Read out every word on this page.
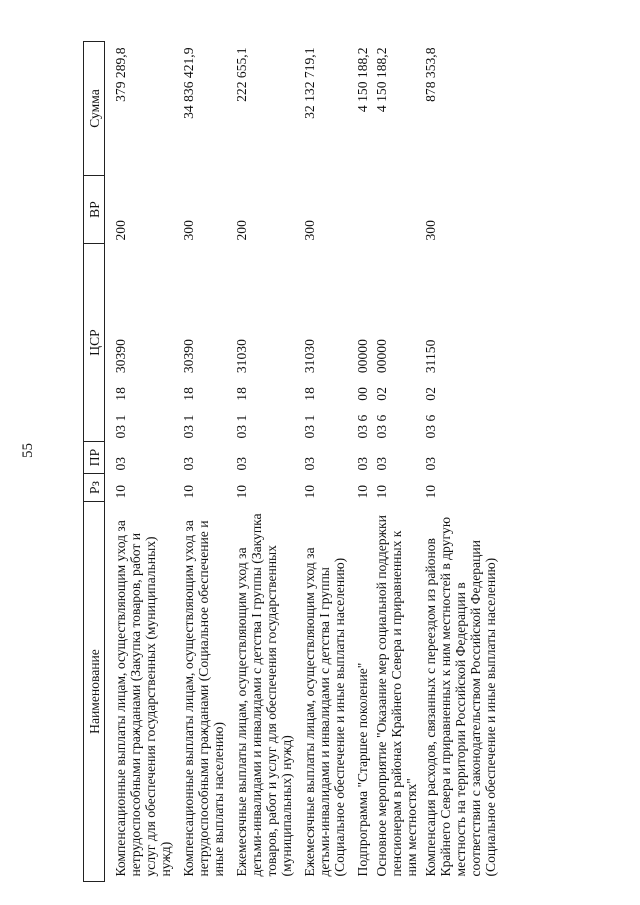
55
Наименование	Рз	ПР	ЦСР	ВР	Сумма
Компенсационные выплаты лицам, осуществляющим уход за нетрудоспособными гражданами (Закупка товаров, работ и услуг для обеспечения государственных (муниципальных) нужд)	10	03	03 11830390	200	379 289,8
Компенсационные выплаты лицам, осуществляющим уход за нетрудоспособными гражданами (Социальное обеспечение и иные выплаты населению)	10	03	03 11830390	300	34 836 421,9
Ежемесячные выплаты лицам, осуществляющим уход за детьми-инвалидами и инвалидами с детства I группы (Закупка товаров, работ и услуг для обеспечения государственных (муниципальных) нужд)	10	03	03 11831030	200	222 655,1
Ежемесячные выплаты лицам, осуществляющим уход за детьми-инвалидами и инвалидами с детства I группы (Социальное обеспечение и иные выплаты населению)	10	03	03 11831030	300	32 132 719,1
Подпрограмма "Старшее поколение"	10	03	03 60000000		4 150 188,2
Основное мероприятие "Оказание мер социальной поддержки пенсионерам в районах Крайнего Севера и приравненных к ним местностях"	10	03	03 60200000		4 150 188,2
Компенсация расходов, связанных с переездом из районов Крайнего Севера и приравненных к ним местностей в другую местность на территории Российской Федерации в соответствии с законодательством Российской Федерации (Социальное обеспечение и иные выплаты населению)	10	03	03 60231150	300	878 353,8
